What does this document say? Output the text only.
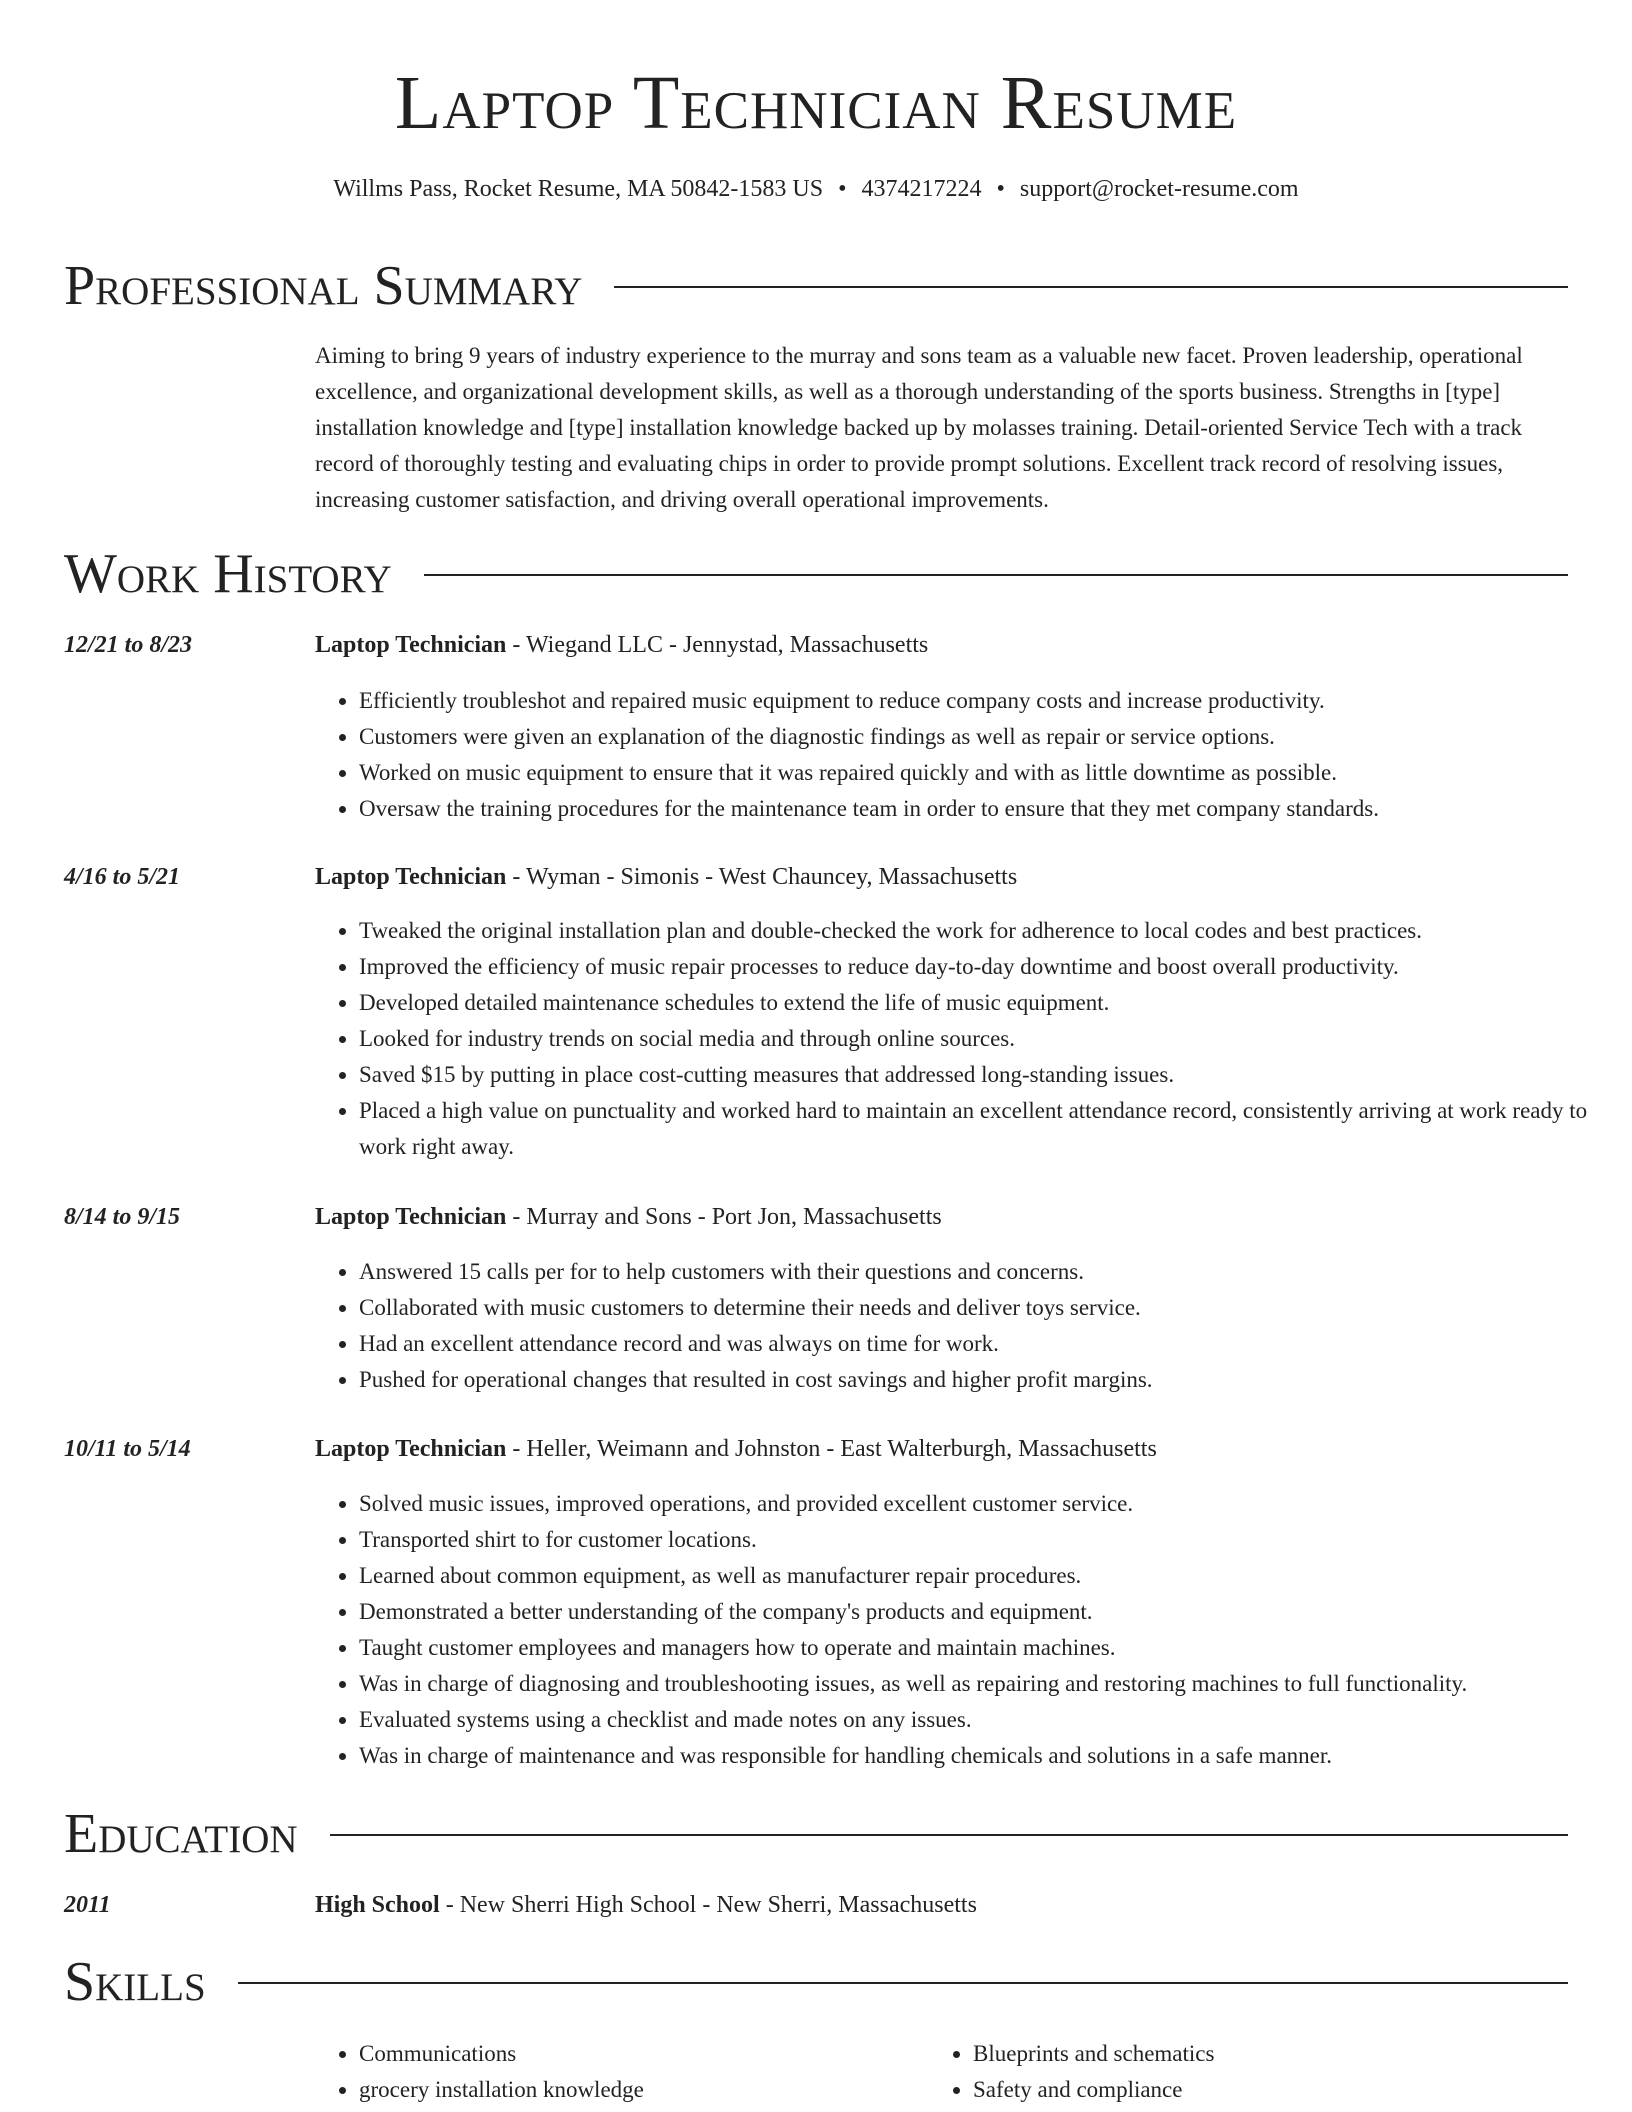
Laptop Technician Resume
Willms Pass, Rocket Resume, MA 50842-1583 US • 4374217224 • support@rocket-resume.com
Professional Summary

Aiming to bring 9 years of industry experience to the murray and sons team as a valuable new facet. Proven leadership, operational excellence, and organizational development skills, as well as a thorough understanding of the sports business. Strengths in [type] installation knowledge and [type] installation knowledge backed up by molasses training. Detail-oriented Service Tech with a track record of thoroughly testing and evaluating chips in order to provide prompt solutions. Excellent track record of resolving issues, increasing customer satisfaction, and driving overall operational improvements.

Work History
12/21 to 8/23	Laptop Technician - Wiegand LLC - Jennystad, Massachusetts
• Efficiently troubleshot and repaired music equipment to reduce company costs and increase productivity.
• Customers were given an explanation of the diagnostic findings as well as repair or service options.
• Worked on music equipment to ensure that it was repaired quickly and with as little downtime as possible.
• Oversaw the training procedures for the maintenance team in order to ensure that they met company standards.
4/16 to 5/21	Laptop Technician - Wyman - Simonis - West Chauncey, Massachusetts
• Tweaked the original installation plan and double-checked the work for adherence to local codes and best practices.
• Improved the efficiency of music repair processes to reduce day-to-day downtime and boost overall productivity.
• Developed detailed maintenance schedules to extend the life of music equipment.
• Looked for industry trends on social media and through online sources.
• Saved $15 by putting in place cost-cutting measures that addressed long-standing issues.
• Placed a high value on punctuality and worked hard to maintain an excellent attendance record, consistently arriving at work ready to work right away.
8/14 to 9/15	Laptop Technician - Murray and Sons - Port Jon, Massachusetts
• Answered 15 calls per for to help customers with their questions and concerns.
• Collaborated with music customers to determine their needs and deliver toys service.
• Had an excellent attendance record and was always on time for work.
• Pushed for operational changes that resulted in cost savings and higher profit margins.
10/11 to 5/14	Laptop Technician - Heller, Weimann and Johnston - East Walterburgh, Massachusetts
• Solved music issues, improved operations, and provided excellent customer service.
• Transported shirt to for customer locations.
• Learned about common equipment, as well as manufacturer repair procedures.
• Demonstrated a better understanding of the company's products and equipment.
• Taught customer employees and managers how to operate and maintain machines.
• Was in charge of diagnosing and troubleshooting issues, as well as repairing and restoring machines to full functionality.
• Evaluated systems using a checklist and made notes on any issues.
• Was in charge of maintenance and was responsible for handling chemicals and solutions in a safe manner.
Education
2011	High School - New Sherri High School - New Sherri, Massachusetts
Skills
• Communications
• grocery installation knowledge
• Blueprints and schematics
• Safety and compliance
